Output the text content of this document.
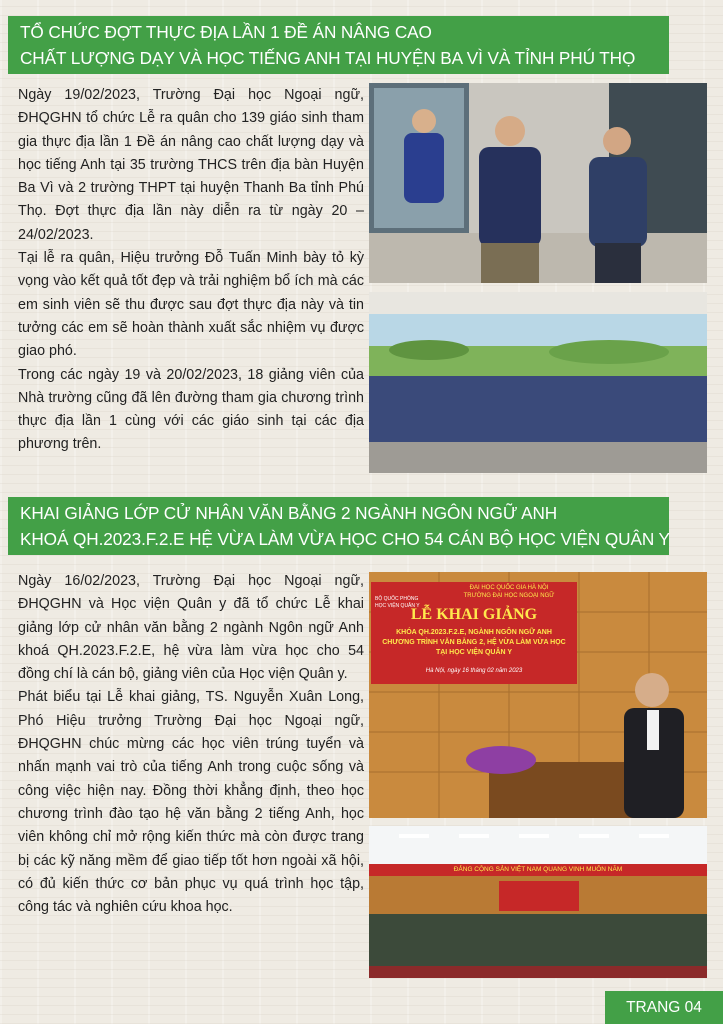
TỔ CHỨC ĐỢT THỰC ĐỊA LẦN 1 ĐỀ ÁN NÂNG CAO
CHẤT LƯỢNG DẠY VÀ HỌC TIẾNG ANH TẠI HUYỆN BA VÌ VÀ TỈNH PHÚ THỌ

Ngày 19/02/2023, Trường Đại học Ngoại ngữ, ĐHQGHN tổ chức Lễ ra quân cho 139 giáo sinh tham gia thực địa lần 1 Đề án nâng cao chất lượng dạy và học tiếng Anh tại 35 trường THCS trên địa bàn Huyện Ba Vì và 2 trường THPT tại huyện Thanh Ba tỉnh Phú Thọ. Đợt thực địa lần này diễn ra từ ngày 20 – 24/02/2023.

Tại lễ ra quân, Hiệu trưởng Đỗ Tuấn Minh bày tỏ kỳ vọng vào kết quả tốt đẹp và trải nghiệm bổ ích mà các em sinh viên sẽ thu được sau đợt thực địa này và tin tưởng các em sẽ hoàn thành xuất sắc nhiệm vụ được giao phó.

Trong các ngày 19 và 20/02/2023, 18 giảng viên của Nhà trường cũng đã lên đường tham gia chương trình thực địa lần 1 cùng với các giáo sinh tại các địa phương trên.

KHAI GIẢNG LỚP CỬ NHÂN VĂN BẰNG 2 NGÀNH NGÔN NGỮ ANH
KHOÁ QH.2023.F.2.E HỆ VỪA LÀM VỪA HỌC CHO 54 CÁN BỘ HỌC VIỆN QUÂN Y

Ngày 16/02/2023, Trường Đại học Ngoại ngữ, ĐHQGHN và Học viện Quân y đã tổ chức Lễ khai giảng lớp cử nhân văn bằng 2 ngành Ngôn ngữ Anh khoá QH.2023.F.2.E, hệ vừa làm vừa học cho 54 đồng chí là cán bộ, giảng viên của Học viện Quân y.

Phát biểu tại Lễ khai giảng, TS. Nguyễn Xuân Long, Phó Hiệu trưởng Trường Đại học Ngoại ngữ, ĐHQGHN chúc mừng các học viên trúng tuyển và nhấn mạnh vai trò của tiếng Anh trong cuộc sống và công việc hiện nay. Đồng thời khẳng định, theo học chương trình đào tạo hệ văn bằng 2 tiếng Anh, học viên không chỉ mở rộng kiến thức mà còn được trang bị các kỹ năng mềm để giao tiếp tốt hơn ngoài xã hội, có đủ kiến thức cơ bản phục vụ quá trình học tập, công tác và nghiên cứu khoa học.

BỘ QUỐC PHÒNG
HỌC VIỆN QUÂN Y
ĐẠI HỌC QUỐC GIA HÀ NỘI
TRƯỜNG ĐẠI HỌC NGOẠI NGỮ
LỄ KHAI GIẢNG
KHÓA QH.2023.F.2.E, NGÀNH NGÔN NGỮ ANH
CHƯƠNG TRÌNH VĂN BẰNG 2, HỆ VỪA LÀM VỪA HỌC
TẠI HỌC VIỆN QUÂN Y
Hà Nội, ngày 16 tháng 02 năm 2023
ĐẢNG CỘNG SẢN VIỆT NAM QUANG VINH MUÔN NĂM
TRANG 04
